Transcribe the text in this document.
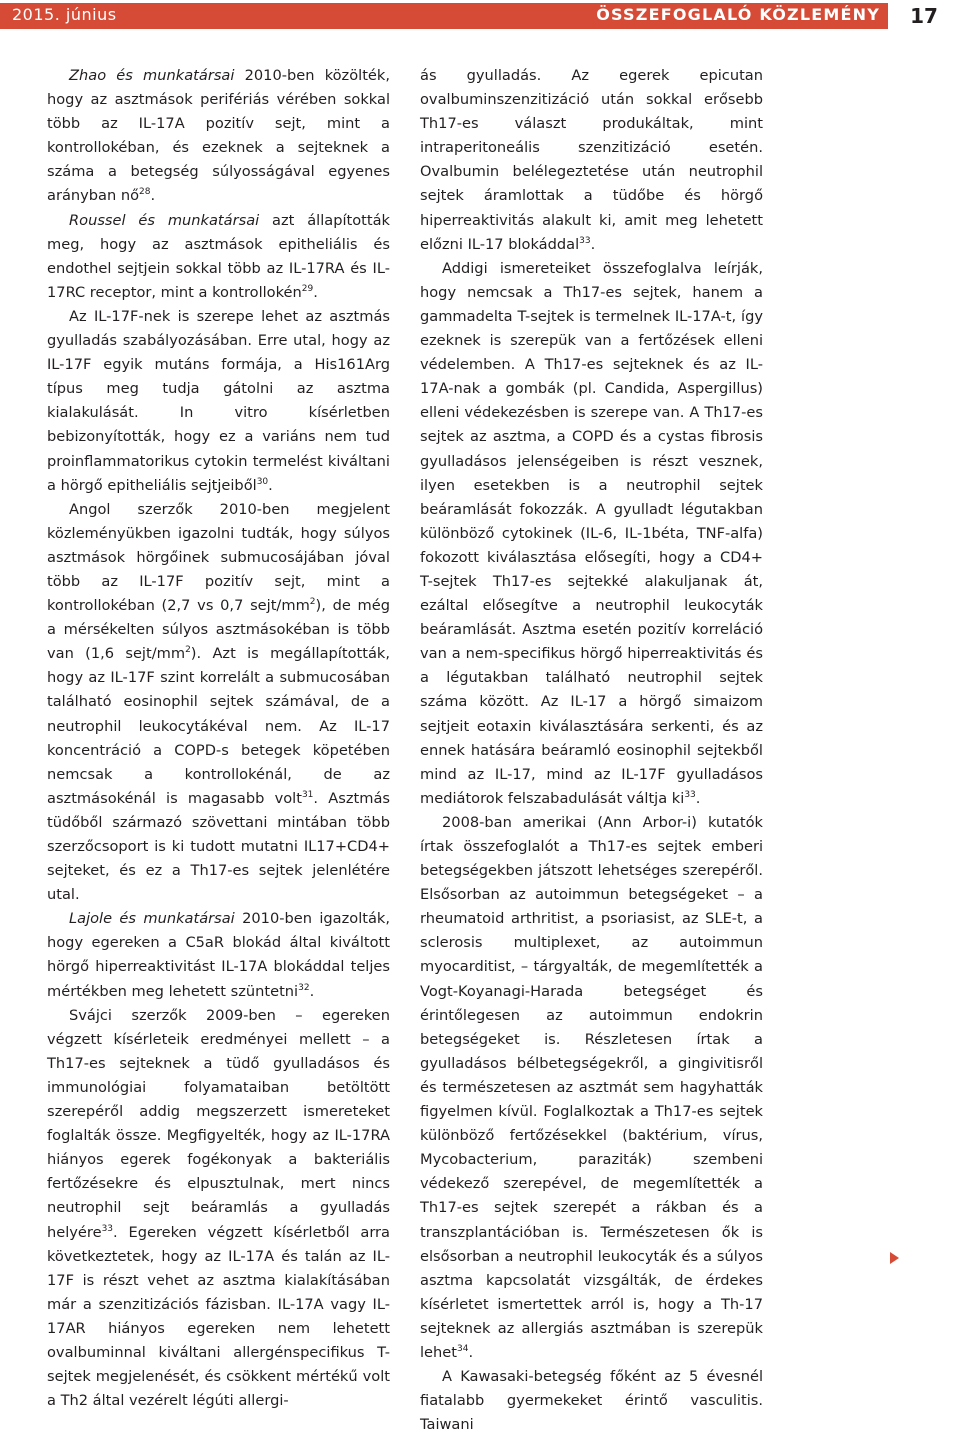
2015. június	ÖSSZEFOGLALÓ KÖZLEMÉNY	17

Zhao és munkatársai 2010-ben közölték, hogy az asztmások perifériás vérében sokkal több az IL-17A pozitív sejt, mint a kontrollokéban, és ezeknek a sejteknek a száma a betegség súlyosságával egyenes arányban $nő^{28}$.

Roussel és munkatársai azt állapították meg, hogy az asztmások epitheliális és endothel sejtjein sokkal több az IL-17RA és IL-17RC receptor, mint a kontrollokén$^{29}$.

Az IL-17F-nek is szerepe lehet az asztmás gyulladás szabályozásában. Erre utal, hogy az IL-17F egyik mutáns formája, a His161Arg típus meg tudja gátolni az asztma kialakulását. In vitro kísérletben bebizonyították, hogy ez a variáns nem tud proinflammatorikus cytokin termelést kiváltani a hörgő epitheliális sejtjeiből$^{30}$.

Angol szerzők 2010-ben megjelent közleményükben igazolni tudták, hogy súlyos asztmások hörgőinek submucosájában jóval több az IL-17F pozitív sejt, mint a kontrollokéban (2,7 vs 0,7 sejt/$mm^2$), de még a mérsékelten súlyos asztmásokéban is több van (1,6 sejt/$mm^2$). Azt is megállapították, hogy az IL-17F szint korrelált a submucosában található eosinophil sejtek számával, de a neutrophil leukocytákéval nem. Az IL-17 koncentráció a COPD-s betegek köpetében nemcsak a kontrollokénál, de az asztmásokénál is magasabb volt$^{31}$. Asztmás tüdőből származó szövettani mintában több szerzőcsoport is ki tudott mutatni IL17+CD4+ sejteket, és ez a Th17-es sejtek jelenlétére utal.

Lajole és munkatársai 2010-ben igazolták, hogy egereken a C5aR blokád által kiváltott hörgő hiperreaktivitást IL-17A blokáddal teljes mértékben meg lehetett szüntetni$^{32}$.

Svájci szerzők 2009-ben – egereken végzett kísérleteik eredményei mellett – a Th17-es sejteknek a tüdő gyulladásos és immunológiai folyamataiban betöltött szerepéről addig megszerzett ismereteket foglalták össze. Megfigyelték, hogy az IL-17RA hiányos egerek fogékonyak a bakteriális fertőzésekre és elpusztulnak, mert nincs neutrophil sejt beáramlás a gyulladás helyére$^{33}$. Egereken végzett kísérletből arra következtetek, hogy az IL-17A és talán az IL-17F is részt vehet az asztma kialakításában már a szenzitizációs fázisban. IL-17A vagy IL-17AR hiányos egereken nem lehetett ovalbuminnal kiváltani allergénspecifikus T-sejtek megjelenését, és csökkent mértékű volt a Th2 által vezérelt légúti allergi-

ás gyulladás. Az egerek epicutan ovalbuminszenzitizáció után sokkal erősebb Th17-es választ produkáltak, mint intraperitoneális szenzitizáció esetén. Ovalbumin belélegeztetése után neutrophil sejtek áramlottak a tüdőbe és hörgő hiperreaktivitás alakult ki, amit meg lehetett előzni IL-17 blokáddal$^{33}$.

Addigi ismereteiket összefoglalva leírják, hogy nemcsak a Th17-es sejtek, hanem a gammadelta T-sejtek is termelnek IL-17A-t, így ezeknek is szerepük van a fertőzések elleni védelemben. A Th17-es sejteknek és az IL-17A-nak a gombák (pl. Candida, Aspergillus) elleni védekezésben is szerepe van. A Th17-es sejtek az asztma, a COPD és a cystas fibrosis gyulladásos jelenségeiben is részt vesznek, ilyen esetekben is a neutrophil sejtek beáramlását fokozzák. A gyulladt légutakban különböző cytokinek (IL-6, IL-1béta, TNF-alfa) fokozott kiválasztása elősegíti, hogy a CD4+ T-sejtek Th17-es sejtekké alakuljanak át, ezáltal elősegítve a neutrophil leukocyták beáramlását. Asztma esetén pozitív korreláció van a nem-specifikus hörgő hiperreaktivitás és a légutakban található neutrophil sejtek száma között. Az IL-17 a hörgő simaizom sejtjeit eotaxin kiválasztására serkenti, és az ennek hatására beáramló eosinophil sejtekből mind az IL-17, mind az IL-17F gyulladásos mediátorok felszabadulását váltja $ki^{33}$.

2008-ban amerikai (Ann Arbor-i) kutatók írtak összefoglalót a Th17-es sejtek emberi betegségekben játszott lehetséges szerepéről. Elsősorban az autoimmun betegségeket – a rheumatoid arthritist, a psoriasist, az SLE-t, a sclerosis multiplexet, az autoimmun myocarditist, – tárgyalták, de megemlítették a Vogt-Koyanagi-Harada betegséget és érintőlegesen az autoimmun endokrin betegségeket is. Részletesen írtak a gyulladásos bélbetegségekről, a gingivitisről és természetesen az asztmát sem hagyhatták figyelmen kívül. Foglalkoztak a Th17-es sejtek különböző fertőzésekkel (baktérium, vírus, Mycobacterium, paraziták) szembeni védekező szerepével, de megemlítették a Th17-es sejtek szerepét a rákban és a transzplantációban is. Természetesen ők is elsősorban a neutrophil leukocyták és a súlyos asztma kapcsolatát vizsgálták, de érdekes kísérletet ismertettek arról is, hogy a Th-17 sejteknek az allergiás asztmában is szerepük lehet$^{34}$.

A Kawasaki-betegség főként az 5 évesnél fiatalabb gyermekeket érintő vasculitis. Taiwani
